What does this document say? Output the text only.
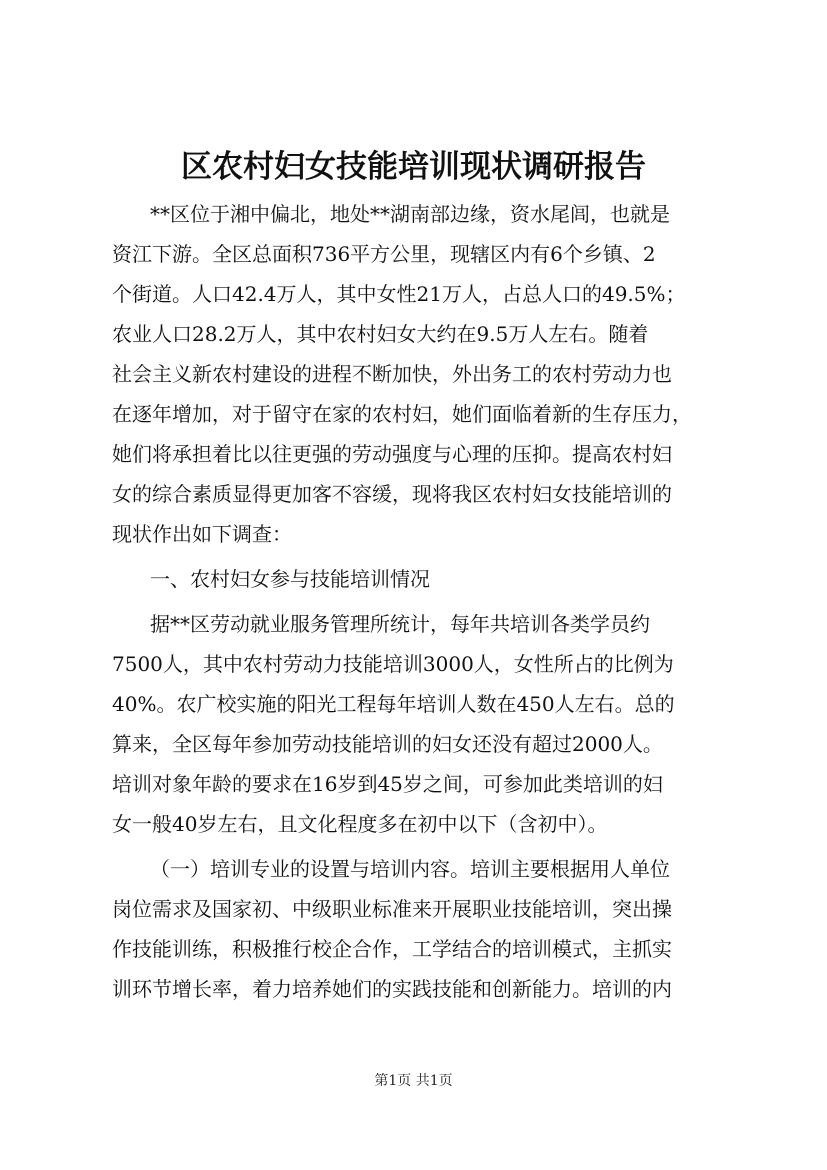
区农村妇女技能培训现状调研报告
**区位于湘中偏北，地处**湖南部边缘，资水尾闾，也就是
资江下游。全区总面积736平方公里，现辖区内有6个乡镇、2
个街道。人口42.4万人，其中女性21万人，占总人口的49.5%；
农业人口28.2万人，其中农村妇女大约在9.5万人左右。随着
社会主义新农村建设的进程不断加快，外出务工的农村劳动力也
在逐年增加，对于留守在家的农村妇，她们面临着新的生存压力，
她们将承担着比以往更强的劳动强度与心理的压抑。提高农村妇
女的综合素质显得更加客不容缓，现将我区农村妇女技能培训的
现状作出如下调查：
一、农村妇女参与技能培训情况
据**区劳动就业服务管理所统计，每年共培训各类学员约
7500人，其中农村劳动力技能培训3000人，女性所占的比例为
40%。农广校实施的阳光工程每年培训人数在450人左右。总的
算来，全区每年参加劳动技能培训的妇女还没有超过2000人。
培训对象年龄的要求在16岁到45岁之间，可参加此类培训的妇
女一般40岁左右，且文化程度多在初中以下（含初中）。
（一）培训专业的设置与培训内容。培训主要根据用人单位
岗位需求及国家初、中级职业标准来开展职业技能培训，突出操
作技能训练，积极推行校企合作，工学结合的培训模式，主抓实
训环节增长率，着力培养她们的实践技能和创新能力。培训的内
第1页 共1页
